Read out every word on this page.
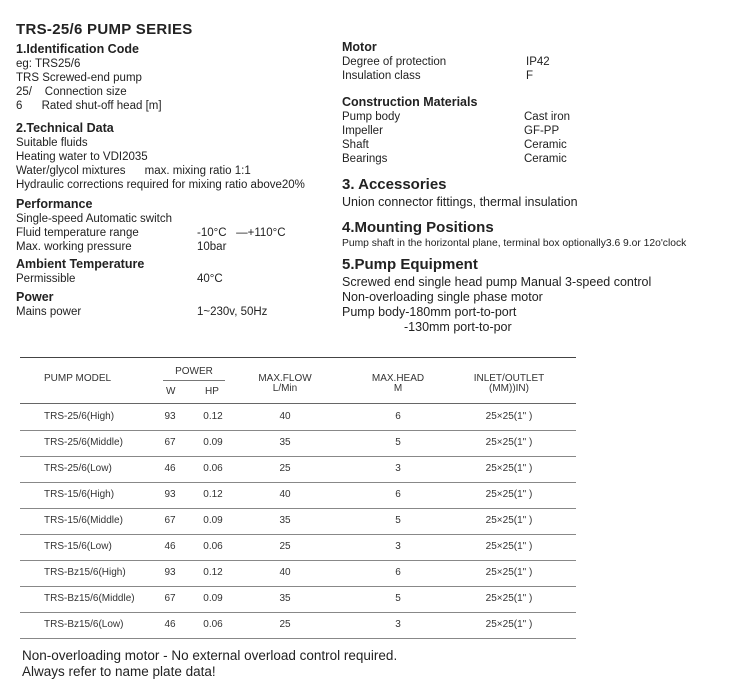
TRS-25/6 PUMP SERIES
1.Identification Code
eg: TRS25/6
TRS Screwed-end pump
25/    Connection size
6      Rated shut-off head [m]
2.Technical Data
Suitable fluids
Heating water to VDI2035
Water/glycol mixtures      max. mixing ratio 1:1
Hydraulic corrections required for mixing ratio above20%
Performance
Single-speed Automatic switch
Fluid temperature range	-10°C   —+110°C
Max. working pressure	10bar
Ambient Temperature
Permissible	40°C
Power
Mains power	1~230v, 50Hz
Motor
Degree of protection	IP42
Insulation class	F
Construction Materials
Pump body	Cast iron
Impeller	GF-PP
Shaft	Ceramic
Bearings	Ceramic
3. Accessories
Union connector fittings, thermal insulation
4.Mounting Positions
Pump shaft in the horizontal plane, terminal box optionally3.6 9.or 12o'clock
5.Pump Equipment
Screwed end single head pump Manual 3-speed control
Non-overloading single phase motor
Pump body-180mm port-to-port
-130mm port-to-por
PUMP MODEL
POWER
W	HP
MAX.FLOW
L/Min
MAX.HEAD
M
INLET/OUTLET
(MM))IN)
TRS-25/6(High)	93	0.12	40	6	25×25(1" )
TRS-25/6(Middle)	67	0.09	35	5	25×25(1" )
TRS-25/6(Low)	46	0.06	25	3	25×25(1" )
TRS-15/6(High)	93	0.12	40	6	25×25(1" )
TRS-15/6(Middle)	67	0.09	35	5	25×25(1" )
TRS-15/6(Low)	46	0.06	25	3	25×25(1" )
TRS-Bz15/6(High)	93	0.12	40	6	25×25(1" )
TRS-Bz15/6(Middle)	67	0.09	35	5	25×25(1" )
TRS-Bz15/6(Low)	46	0.06	25	3	25×25(1" )
Non-overloading motor - No external overload control required.
Always refer to name plate data!
